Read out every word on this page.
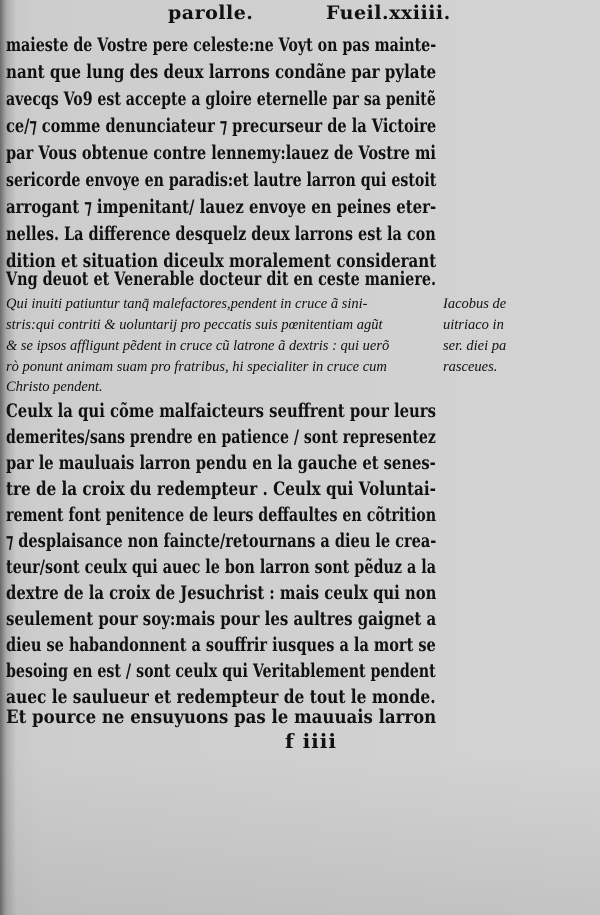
parolle.	Fueil.xxiiii.
maieste de Vostre pere celeste:ne Voyt on pas mainte-
nant que lung des deux larrons condãne par pylate
avecqs Vo9 est accepte a gloire eternelle par sa penitẽ
ce/⁊ comme denunciateur ⁊ precurseur de la Victoire
par Vous obtenue contre lennemy:lauez de Vostre mi
sericorde envoye en paradis:et lautre larron qui estoit
arrogant ⁊ impenitant/ lauez envoye en peines eter-
nelles. La difference desquelz deux larrons est la con
dition et situation diceulx moralement considerant
Vng deuot et Venerable docteur dit en ceste maniere.
Qui inuiti patiuntur tanq̃ malefactores,pendent in cruce ã sini-
stris:qui contriti & uoluntarij pro peccatis suis pœnitentiam agũt
& se ipsos affligunt pẽdent in cruce cũ latrone ã dextris : qui uerõ
rò ponunt animam suam pro fratribus, hi specialiter in cruce cum
Christo pendent.
Iacobus de
uitriaco in
ser. diei pa
rasceues.
Ceulx la qui cõme malfaicteurs seuffrent pour leurs
demerites/sans prendre en patience / sont representez
par le mauluais larron pendu en la gauche et senes-
tre de la croix du redempteur . Ceulx qui Voluntai-
rement font penitence de leurs deffaultes en cõtrition
⁊ desplaisance non faincte/retournans a dieu le crea-
teur/sont ceulx qui auec le bon larron sont pẽduz a la
dextre de la croix de Jesuchrist : mais ceulx qui non
seulement pour soy:mais pour les aultres gaignet a
dieu se habandonnent a souffrir iusques a la mort se
besoing en est / sont ceulx qui Veritablement pendent
auec le saulueur et redempteur de tout le monde.
Et pource ne ensuyuons pas le mauuais larron
f iiii
